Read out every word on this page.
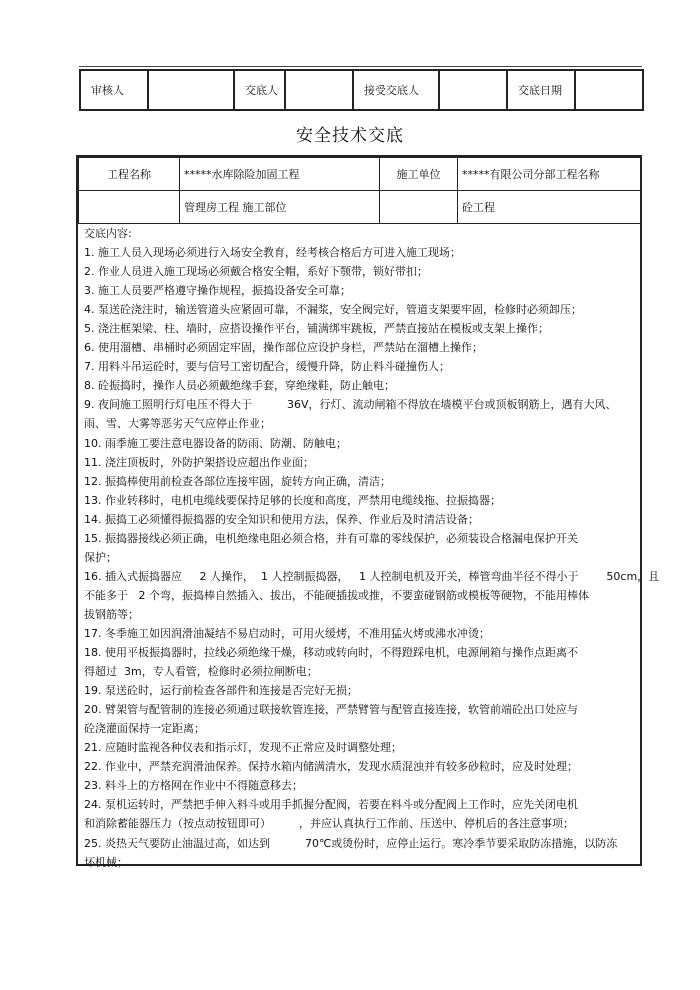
审核人		交底人		接受交底人		交底日期	
安全技术交底
工程名称	*****水库除险加固工程	施工单位	*****有限公司分部工程名称
	管理房工程 施工部位		砼工程
交底内容:
1. 施工人员入现场必须进行入场安全教育，经考核合格后方可进入施工现场；
2. 作业人员进入施工现场必须戴合格安全帽，系好下颚带，锁好带扣；
3. 施工人员要严格遵守操作规程，振捣设备安全可靠；
4. 泵送砼浇注时，输送管道头应紧固可靠，不漏浆，安全阀完好，管道支架要牢固，检修时必须卸压；
5. 浇注框架梁、柱、墙时，应搭设操作平台，铺满绑牢跳板，严禁直接站在模板或支架上操作；
6. 使用溜槽、串桶时必须固定牢固，操作部位应设护身栏，严禁站在溜槽上操作；
7. 用料斗吊运砼时，要与信号工密切配合，缓慢升降，防止料斗碰撞伤人；
8. 砼振捣时，操作人员必须戴绝缘手套，穿绝缘鞋，防止触电；
9. 夜间施工照明行灯电压不得大于          36V，行灯、流动闸箱不得放在墙模平台或顶板钢筋上，遇有大风、
雨、雪、大雾等恶劣天气应停止作业；
10. 雨季施工要注意电器设备的防雨、防潮、防触电；
11. 浇注顶板时，外防护架搭设应超出作业面；
12. 振捣棒使用前检查各部位连接牢固，旋转方向正确，清洁；
13. 作业转移时，电机电缆线要保持足够的长度和高度，严禁用电缆线拖、拉振捣器；
14. 振捣工必须懂得振捣器的安全知识和使用方法，保养、作业后及时清洁设备；
15. 振捣器接线必须正确，电机绝缘电阻必须合格，并有可靠的零线保护，必须装设合格漏电保护开关
保护；
16. 插入式振捣器应     2 人操作，  1 人控制振捣器，   1 人控制电机及开关，棒管弯曲半径不得小于        50cm，且
不能多于   2 个弯，振捣棒自然插入、拔出，不能硬插拔或推，不要蛮碰钢筋或模板等硬物，不能用棒体
拔钢筋等；
17. 冬季施工如因润滑油凝结不易启动时，可用火缓烤，不准用猛火烤或沸水冲烫；
18. 使用平板振捣器时，拉线必须绝缘干燥，移动或转向时，不得蹬踩电机，电源闸箱与操作点距离不
得超过  3m，专人看管，检修时必须拉闸断电；
19. 泵送砼时，运行前检查各部件和连接是否完好无损；
20. 臂架管与配管制的连接必须通过联接软管连接，严禁臂管与配管直接连接，软管前端砼出口处应与
砼浇灌面保持一定距离；
21. 应随时监视各种仪表和指示灯，发现不正常应及时调整处理；
22. 作业中，严禁充润滑油保养。保持水箱内储满清水，发现水质混浊并有较多砂粒时，应及时处理；
23. 料斗上的方格网在作业中不得随意移去；
24. 泵机运转时，严禁把手伸入料斗或用手抓握分配阀，若要在料斗或分配阀上工作时，应先关闭电机
和消除蓄能器压力（按点动按钮即可）        ，并应认真执行工作前、压送中、停机后的各注意事项；
25. 炎热天气要防止油温过高，如达到          70℃或烫份时，应停止运行。寒冷季节要采取防冻措施，以防冻
坏机械；
